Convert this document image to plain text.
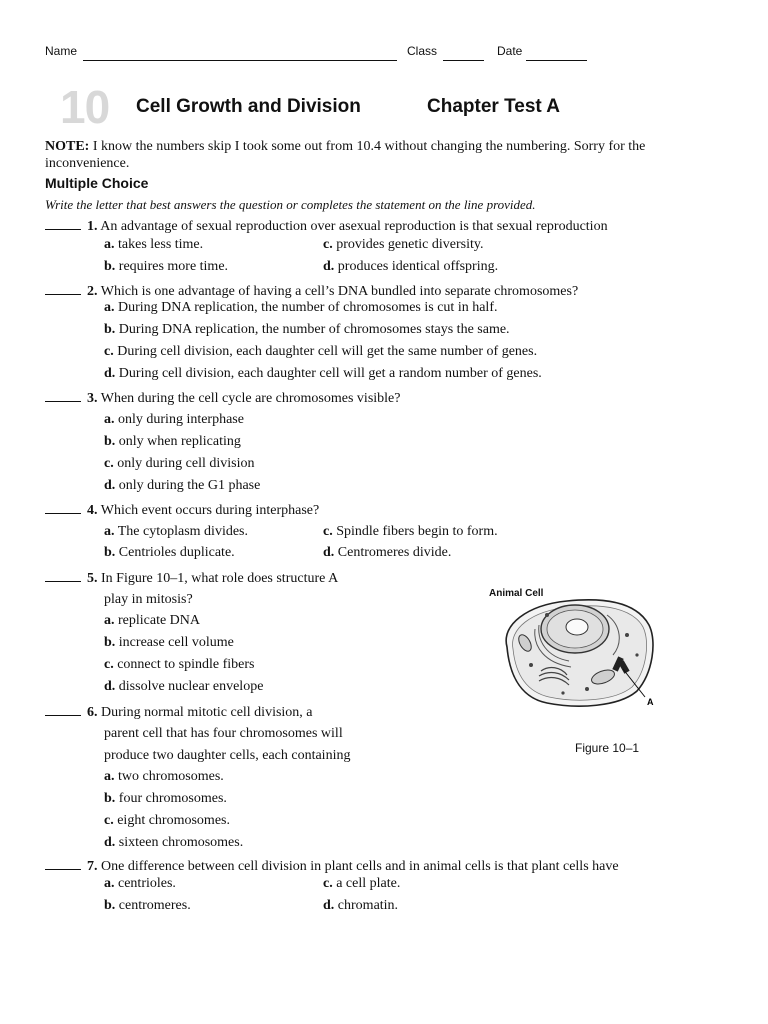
Name	Class	Date
10 Cell Growth and Division	Chapter Test A
NOTE: I know the numbers skip I took some out from 10.4 without changing the numbering. Sorry for the inconvenience.
Multiple Choice
Write the letter that best answers the question or completes the statement on the line provided.
1. An advantage of sexual reproduction over asexual reproduction is that sexual reproduction
a. takes less time.
b. requires more time.
c. provides genetic diversity.
d. produces identical offspring.
2. Which is one advantage of having a cell’s DNA bundled into separate chromosomes?
a. During DNA replication, the number of chromosomes is cut in half.
b. During DNA replication, the number of chromosomes stays the same.
c. During cell division, each daughter cell will get the same number of genes.
d. During cell division, each daughter cell will get a random number of genes.
3. When during the cell cycle are chromosomes visible?
a. only during interphase
b. only when replicating
c. only during cell division
d. only during the G1 phase
4. Which event occurs during interphase?
a. The cytoplasm divides.
b. Centrioles duplicate.
c. Spindle fibers begin to form.
d. Centromeres divide.
5. In Figure 10–1, what role does structure A
play in mitosis?
a. replicate DNA
b. increase cell volume
c. connect to spindle fibers
d. dissolve nuclear envelope
6. During normal mitotic cell division, a
parent cell that has four chromosomes will
produce two daughter cells, each containing
a. two chromosomes.
b. four chromosomes.
c. eight chromosomes.
d. sixteen chromosomes.
7. One difference between cell division in plant cells and in animal cells is that plant cells have
a. centrioles.
b. centromeres.
c. a cell plate.
d. chromatin.
A
Animal Cell
Figure 10–1
